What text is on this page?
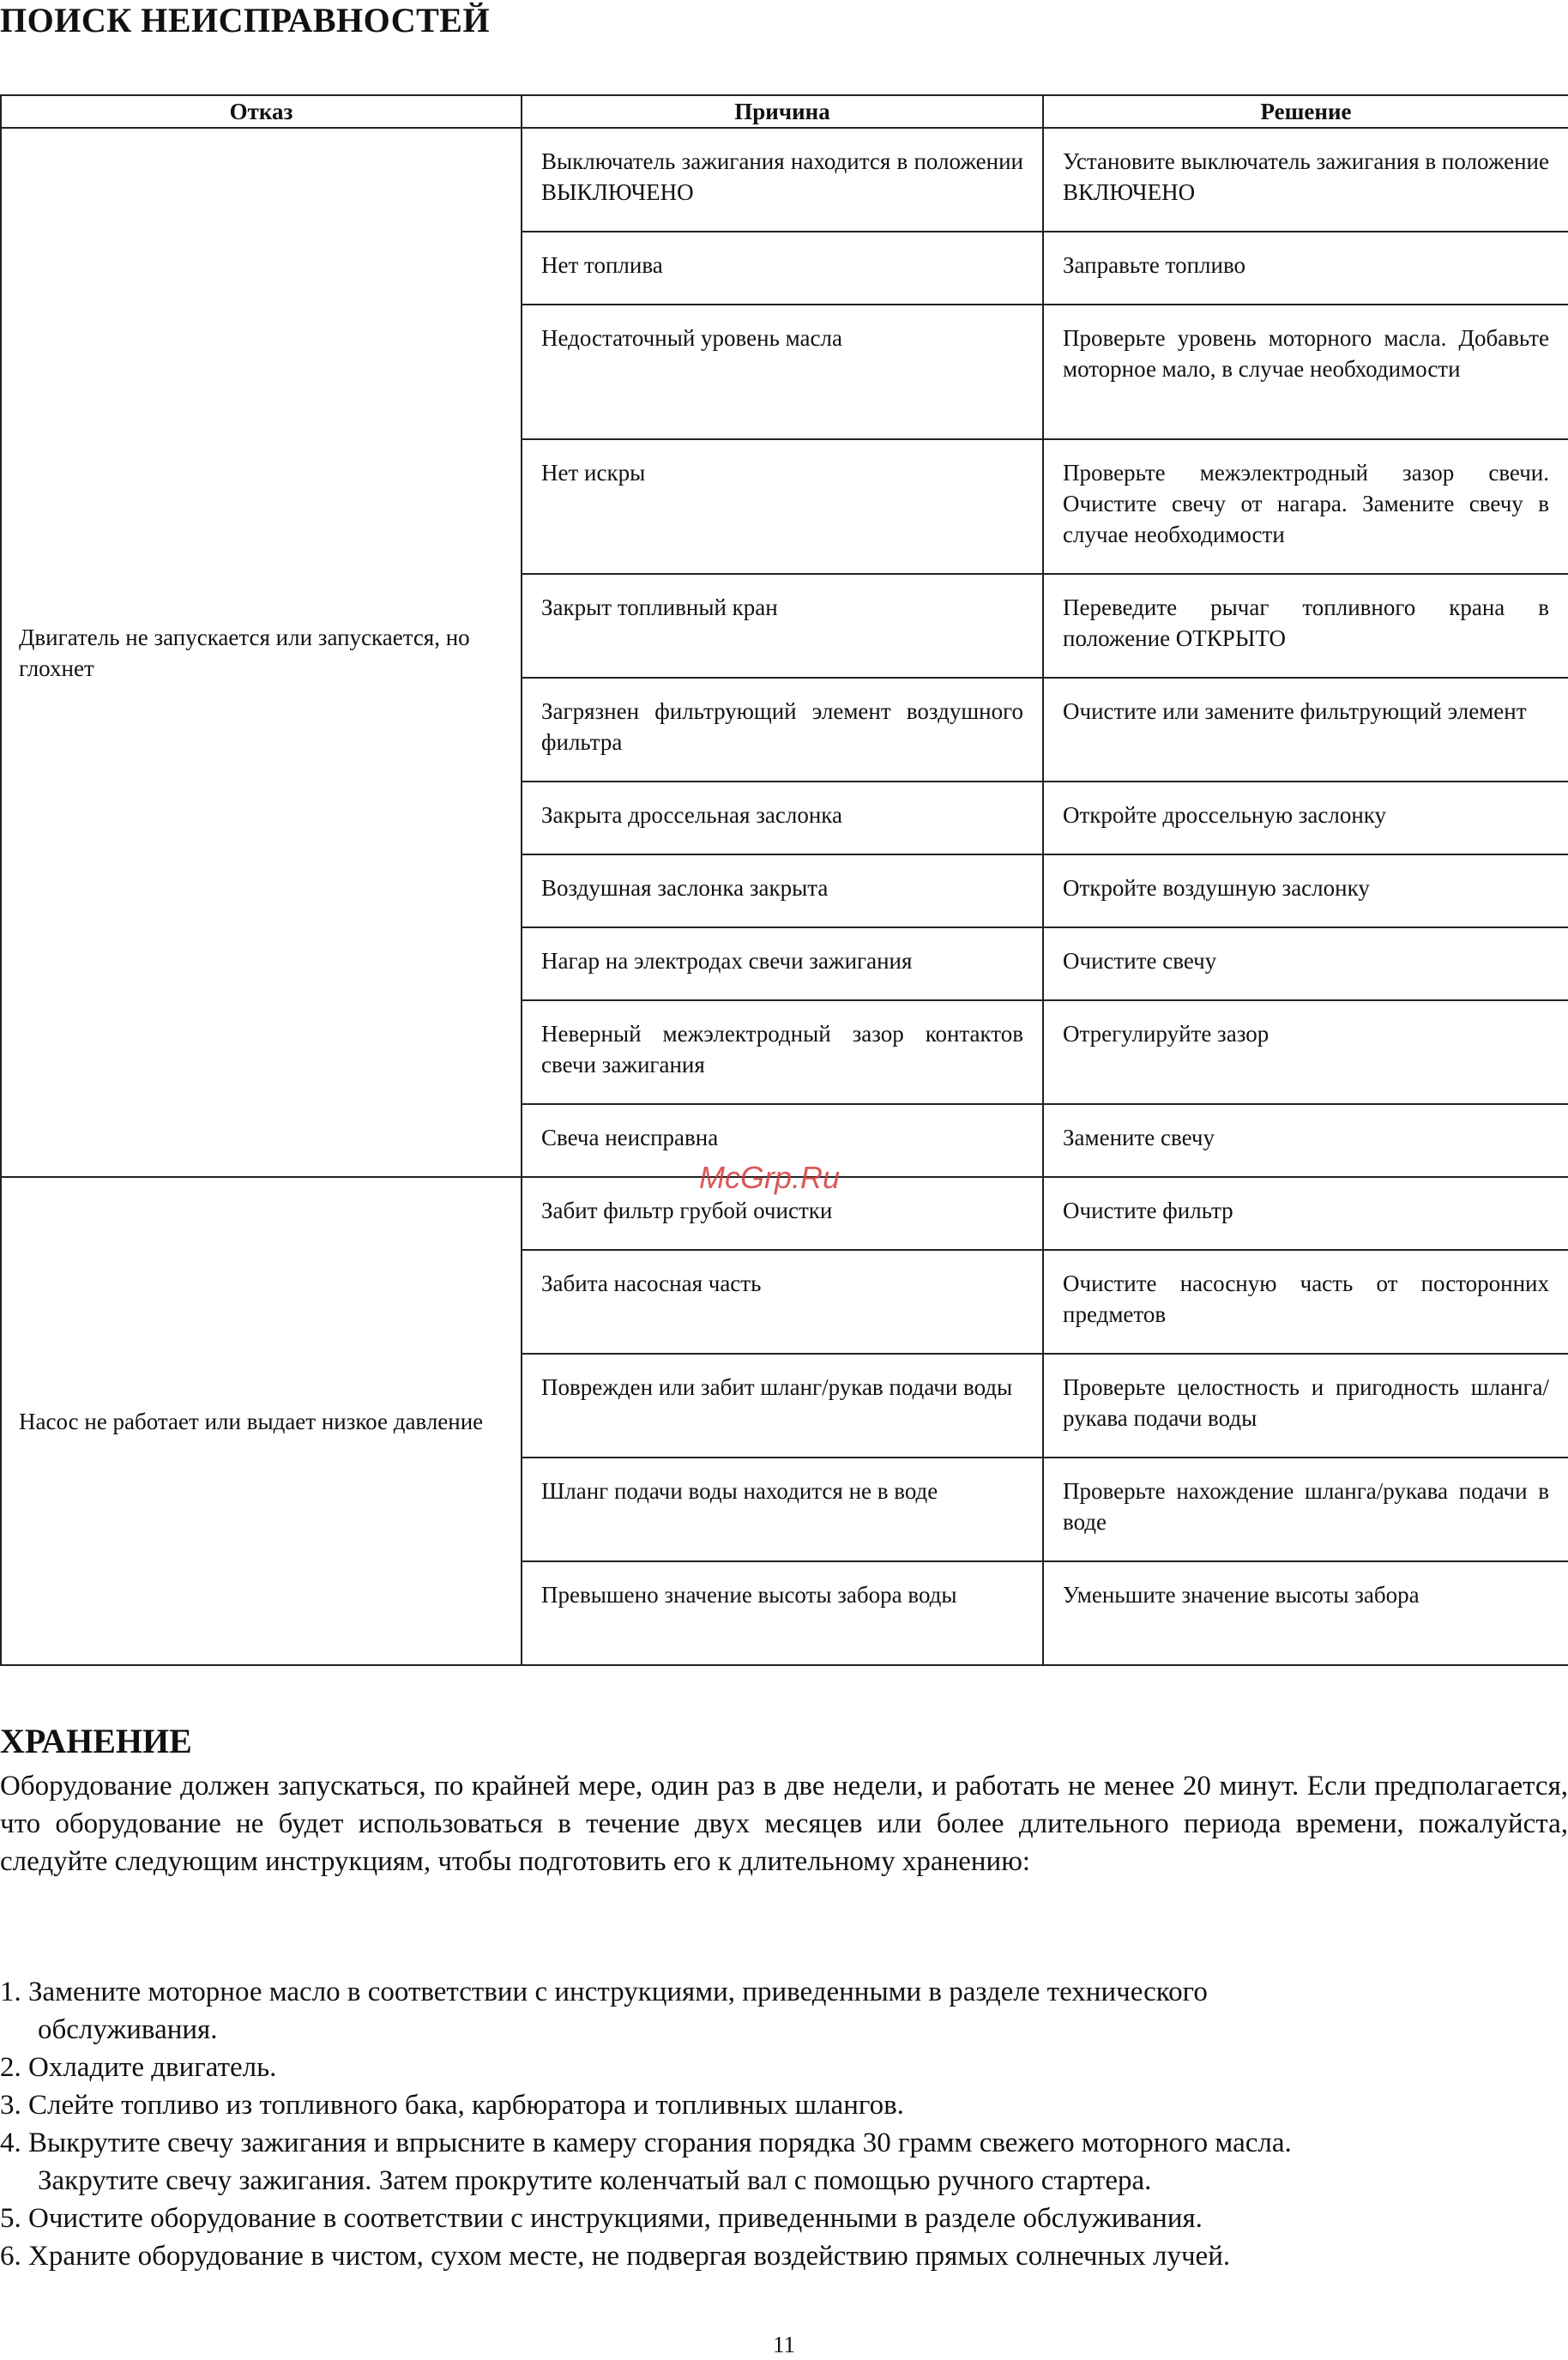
ПОИСК НЕИСПРАВНОСТЕЙ
Отказ	Причина	Решение
Двигатель не запускается или запускается, но глохнет	Выключатель зажигания находится в положении ВЫКЛЮЧЕНО	Установите выключатель зажигания в положение ВКЛЮЧЕНО
	Нет топлива	Заправьте топливо
	Недостаточный уровень масла	Проверьте уровень моторного масла. Добавьте моторное мало, в случае необходимости
	Нет искры	Проверьте межэлектродный зазор свечи. Очистите свечу от нагара. Замените свечу в случае необходимости
	Закрыт топливный кран	Переведите рычаг топливного крана в положение ОТКРЫТО
	Загрязнен фильтрующий элемент воздушного фильтра	Очистите или замените фильтрующий элемент
	Закрыта дроссельная заслонка	Откройте дроссельную заслонку
	Воздушная заслонка закрыта	Откройте воздушную заслонку
	Нагар на электродах свечи зажигания	Очистите свечу
	Неверный межэлектродный зазор контактов свечи зажигания	Отрегулируйте зазор
	Свеча неисправна	Замените свечу
Насос не работает или выдает низкое давление	Забит фильтр грубой очистки	Очистите фильтр
	Забита насосная часть	Очистите насосную часть от посторонних предметов
	Поврежден или забит шланг/рукав подачи воды	Проверьте целостность и пригодность шланга/рукава подачи воды
	Шланг подачи воды находится не в воде	Проверьте нахождение шланга/рукава подачи в воде
	Превышено значение высоты забора воды	Уменьшите значение высоты забора
McGrp.Ru
ХРАНЕНИЕ
Оборудование должен запускаться, по крайней мере, один раз в две недели, и работать не менее 20 минут. Если предполагается, что оборудование не будет использоваться в течение двух месяцев или более длительного периода времени, пожалуйста, следуйте следующим инструкциям, чтобы подготовить его к длительному хранению:
1. Замените моторное масло в соответствии с инструкциями, приведенными в разделе технического
обслуживания.
2. Охладите двигатель.
3. Слейте топливо из топливного бака, карбюратора и топливных шлангов.
4. Выкрутите свечу зажигания и впрысните в камеру сгорания порядка 30 грамм свежего моторного масла.
Закрутите свечу зажигания. Затем прокрутите коленчатый вал с помощью ручного стартера.
5. Очистите оборудование в соответствии с инструкциями, приведенными в разделе обслуживания.
6. Храните оборудование в чистом, сухом месте, не подвергая воздействию прямых солнечных лучей.
11
